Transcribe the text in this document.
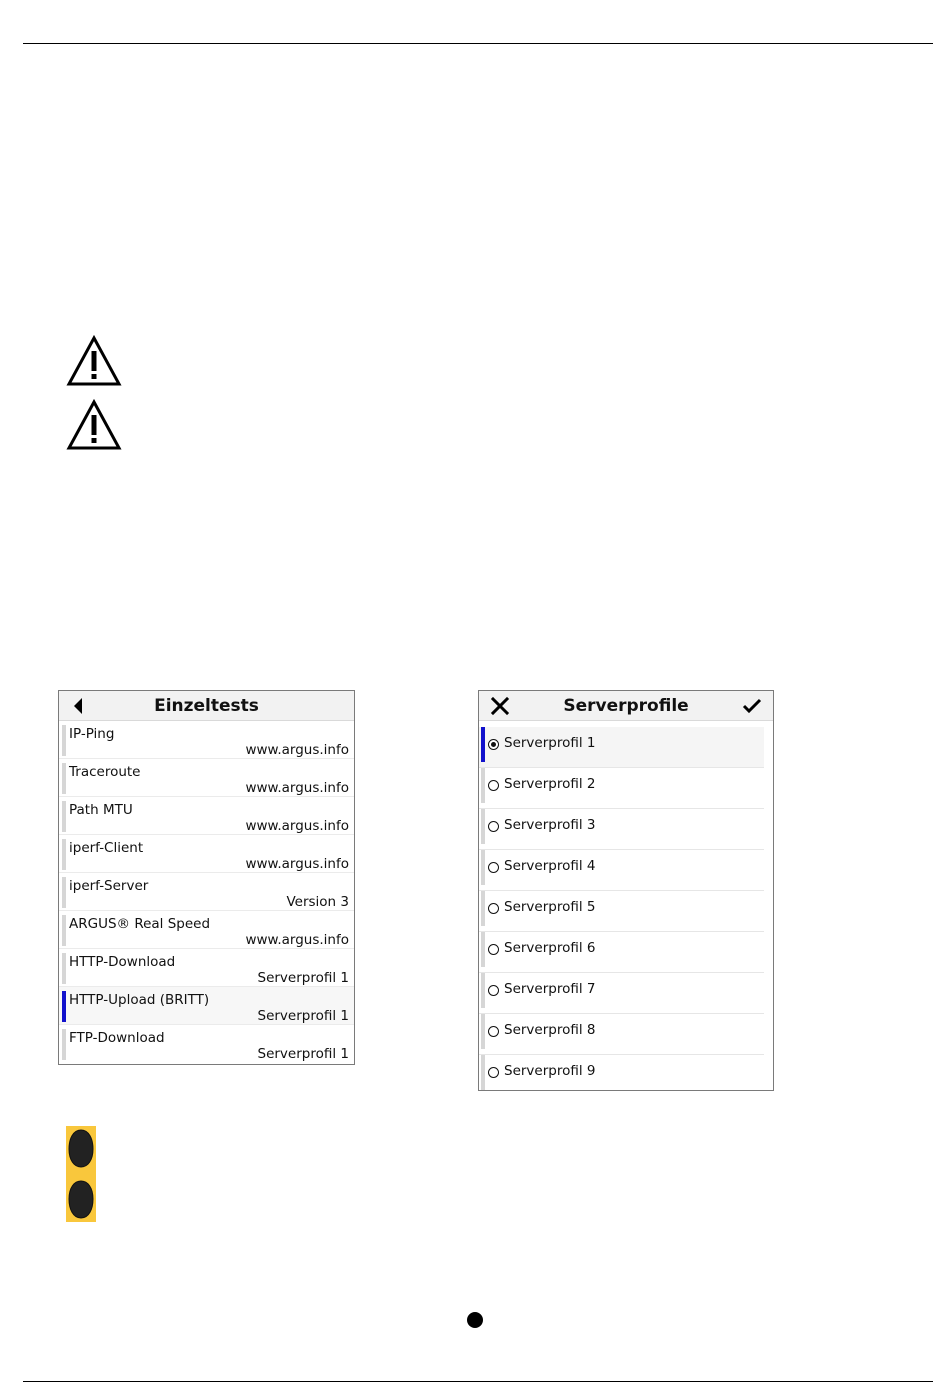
Einzeltests
IP-Ping
www.argus.info
Traceroute
www.argus.info
Path MTU
www.argus.info
iperf-Client
www.argus.info
iperf-Server
Version 3
ARGUS® Real Speed
www.argus.info
HTTP-Download
Serverprofil 1
HTTP-Upload (BRITT)
Serverprofil 1
FTP-Download
Serverprofil 1
Serverprofile
Serverprofil 1
Serverprofil 2
Serverprofil 3
Serverprofil 4
Serverprofil 5
Serverprofil 6
Serverprofil 7
Serverprofil 8
Serverprofil 9
